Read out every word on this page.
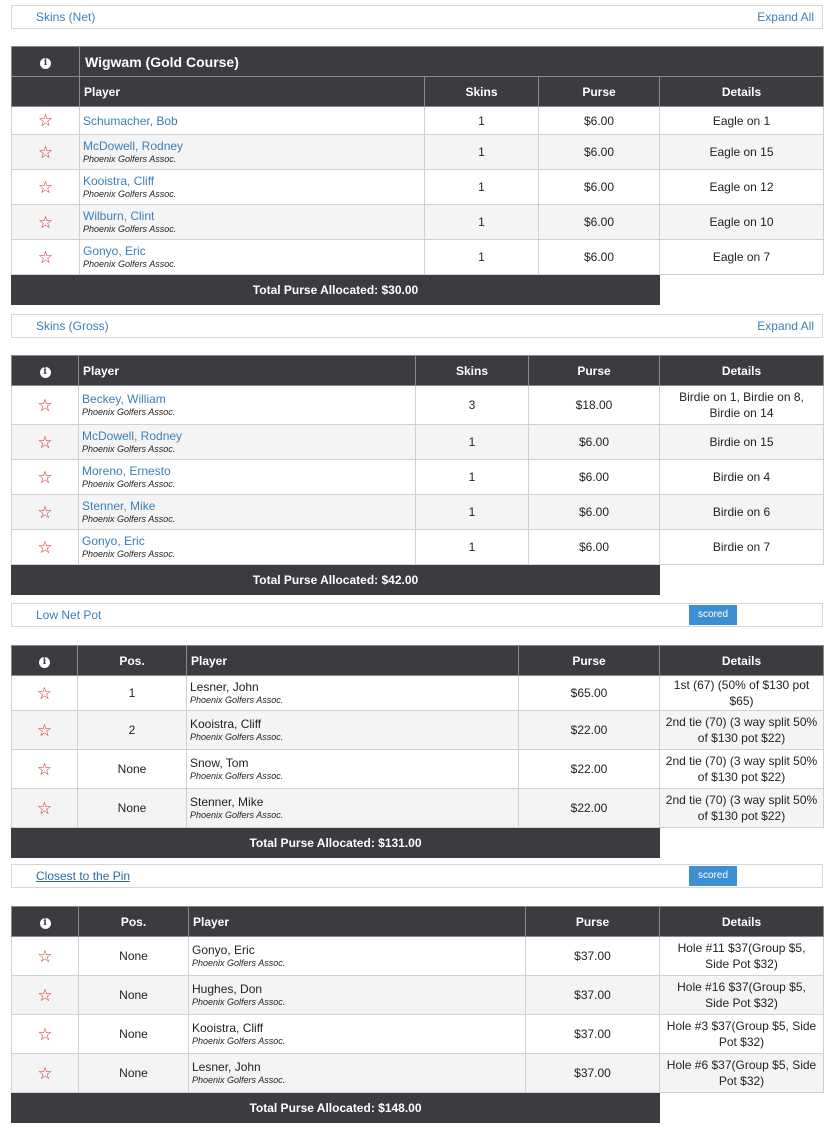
Skins (Net)	Expand All
i	Wigwam (Gold Course)			
	Player	Skins	Purse	Details
☆	Schumacher, Bob	1	$6.00	Eagle on 1
☆	McDowell, Rodney
Phoenix Golfers Assoc.	1	$6.00	Eagle on 15
☆	Kooistra, Cliff
Phoenix Golfers Assoc.	1	$6.00	Eagle on 12
☆	Wilburn, Clint
Phoenix Golfers Assoc.	1	$6.00	Eagle on 10
☆	Gonyo, Eric
Phoenix Golfers Assoc.	1	$6.00	Eagle on 7
Total Purse Allocated: $30.00				
Skins (Gross)	Expand All
i	Player	Skins	Purse	Details
☆	Beckey, William
Phoenix Golfers Assoc.	3	$18.00	Birdie on 1, Birdie on 8, Birdie on 14
☆	McDowell, Rodney
Phoenix Golfers Assoc.	1	$6.00	Birdie on 15
☆	Moreno, Ernesto
Phoenix Golfers Assoc.	1	$6.00	Birdie on 4
☆	Stenner, Mike
Phoenix Golfers Assoc.	1	$6.00	Birdie on 6
☆	Gonyo, Eric
Phoenix Golfers Assoc.	1	$6.00	Birdie on 7
Total Purse Allocated: $42.00				
Low Net Pot	scored
i	Pos.	Player	Purse	Details
☆	1	Lesner, John
Phoenix Golfers Assoc.	$65.00	1st (67) (50% of $130 pot $65)
☆	2	Kooistra, Cliff
Phoenix Golfers Assoc.	$22.00	2nd tie (70) (3 way split 50% of $130 pot $22)
☆	None	Snow, Tom
Phoenix Golfers Assoc.	$22.00	2nd tie (70) (3 way split 50% of $130 pot $22)
☆	None	Stenner, Mike
Phoenix Golfers Assoc.	$22.00	2nd tie (70) (3 way split 50% of $130 pot $22)
Total Purse Allocated: $131.00				
Closest to the Pin	scored
i	Pos.	Player	Purse	Details
☆	None	Gonyo, Eric
Phoenix Golfers Assoc.	$37.00	Hole #11 $37(Group $5, Side Pot $32)
☆	None	Hughes, Don
Phoenix Golfers Assoc.	$37.00	Hole #16 $37(Group $5, Side Pot $32)
☆	None	Kooistra, Cliff
Phoenix Golfers Assoc.	$37.00	Hole #3 $37(Group $5, Side Pot $32)
☆	None	Lesner, John
Phoenix Golfers Assoc.	$37.00	Hole #6 $37(Group $5, Side Pot $32)
Total Purse Allocated: $148.00				
